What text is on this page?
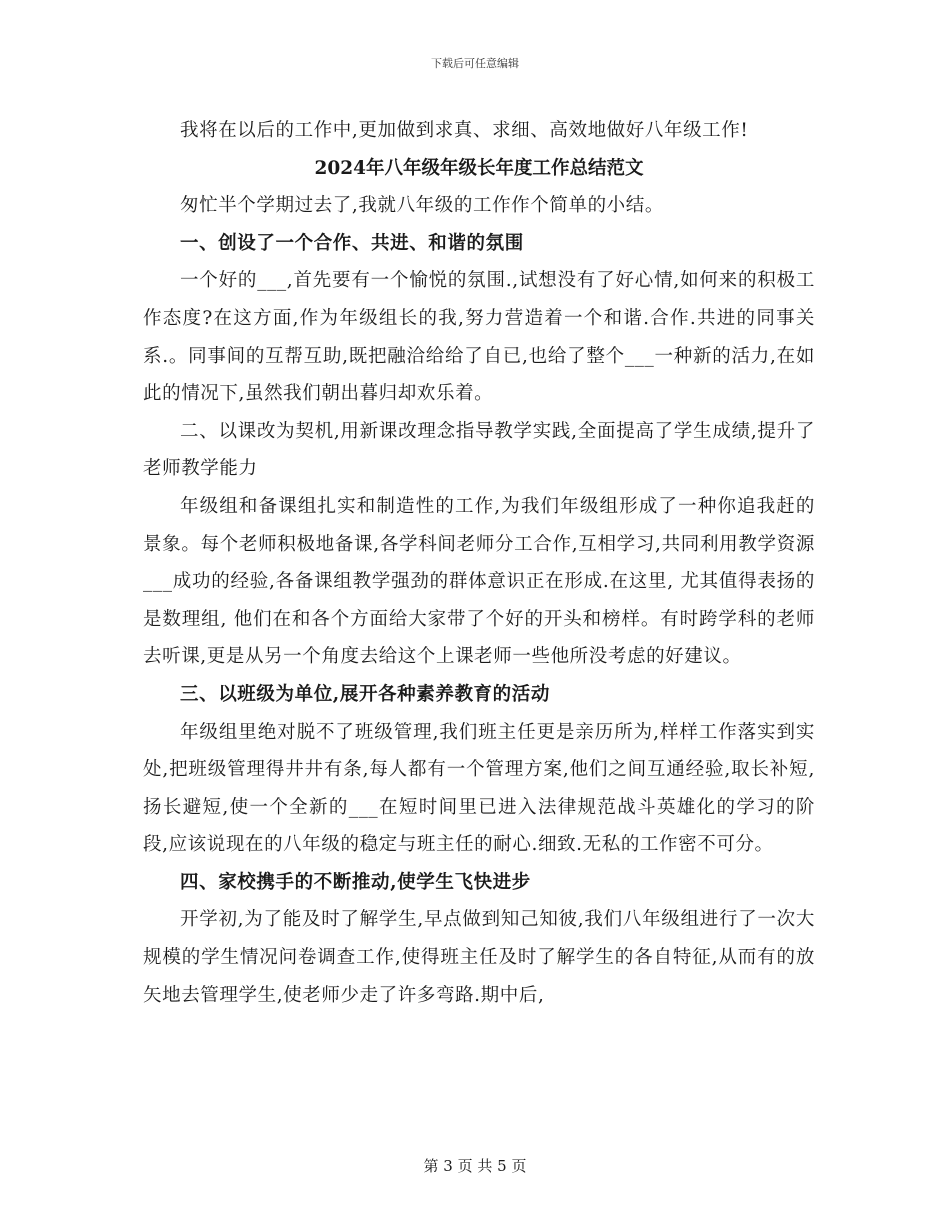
下载后可任意编辑

我将在以后的工作中,更加做到求真、求细、高效地做好八年级工作!

2024年八年级年级长年度工作总结范文

匆忙半个学期过去了,我就八年级的工作作个简单的小结。

一、创设了一个合作、共进、和谐的氛围

一个好的___,首先要有一个愉悦的氛围.,试想没有了好心情,如何来的积极工作态度?在这方面,作为年级组长的我,努力营造着一个和谐.合作.共进的同事关系.。同事间的互帮互助,既把融洽给给了自已,也给了整个___一种新的活力,在如此的情况下,虽然我们朝出暮归却欢乐着。

二、以课改为契机,用新课改理念指导教学实践,全面提高了学生成绩,提升了老师教学能力

年级组和备课组扎实和制造性的工作,为我们年级组形成了一种你追我赶的景象。每个老师积极地备课,各学科间老师分工合作,互相学习,共同利用教学资源___成功的经验,各备课组教学强劲的群体意识正在形成.在这里, 尤其值得表扬的是数理组, 他们在和各个方面给大家带了个好的开头和榜样。有时跨学科的老师去听课,更是从另一个角度去给这个上课老师一些他所没考虑的好建议。

三、以班级为单位,展开各种素养教育的活动

年级组里绝对脱不了班级管理,我们班主任更是亲历所为,样样工作落实到实处,把班级管理得井井有条,每人都有一个管理方案,他们之间互通经验,取长补短,扬长避短,使一个全新的___在短时间里已进入法律规范战斗英雄化的学习的阶段,应该说现在的八年级的稳定与班主任的耐心.细致.无私的工作密不可分。

四、家校携手的不断推动,使学生飞快进步

开学初,为了能及时了解学生,早点做到知己知彼,我们八年级组进行了一次大规模的学生情况问卷调查工作,使得班主任及时了解学生的各自特征,从而有的放矢地去管理学生,使老师少走了许多弯路.期中后,

第 3 页 共 5 页
